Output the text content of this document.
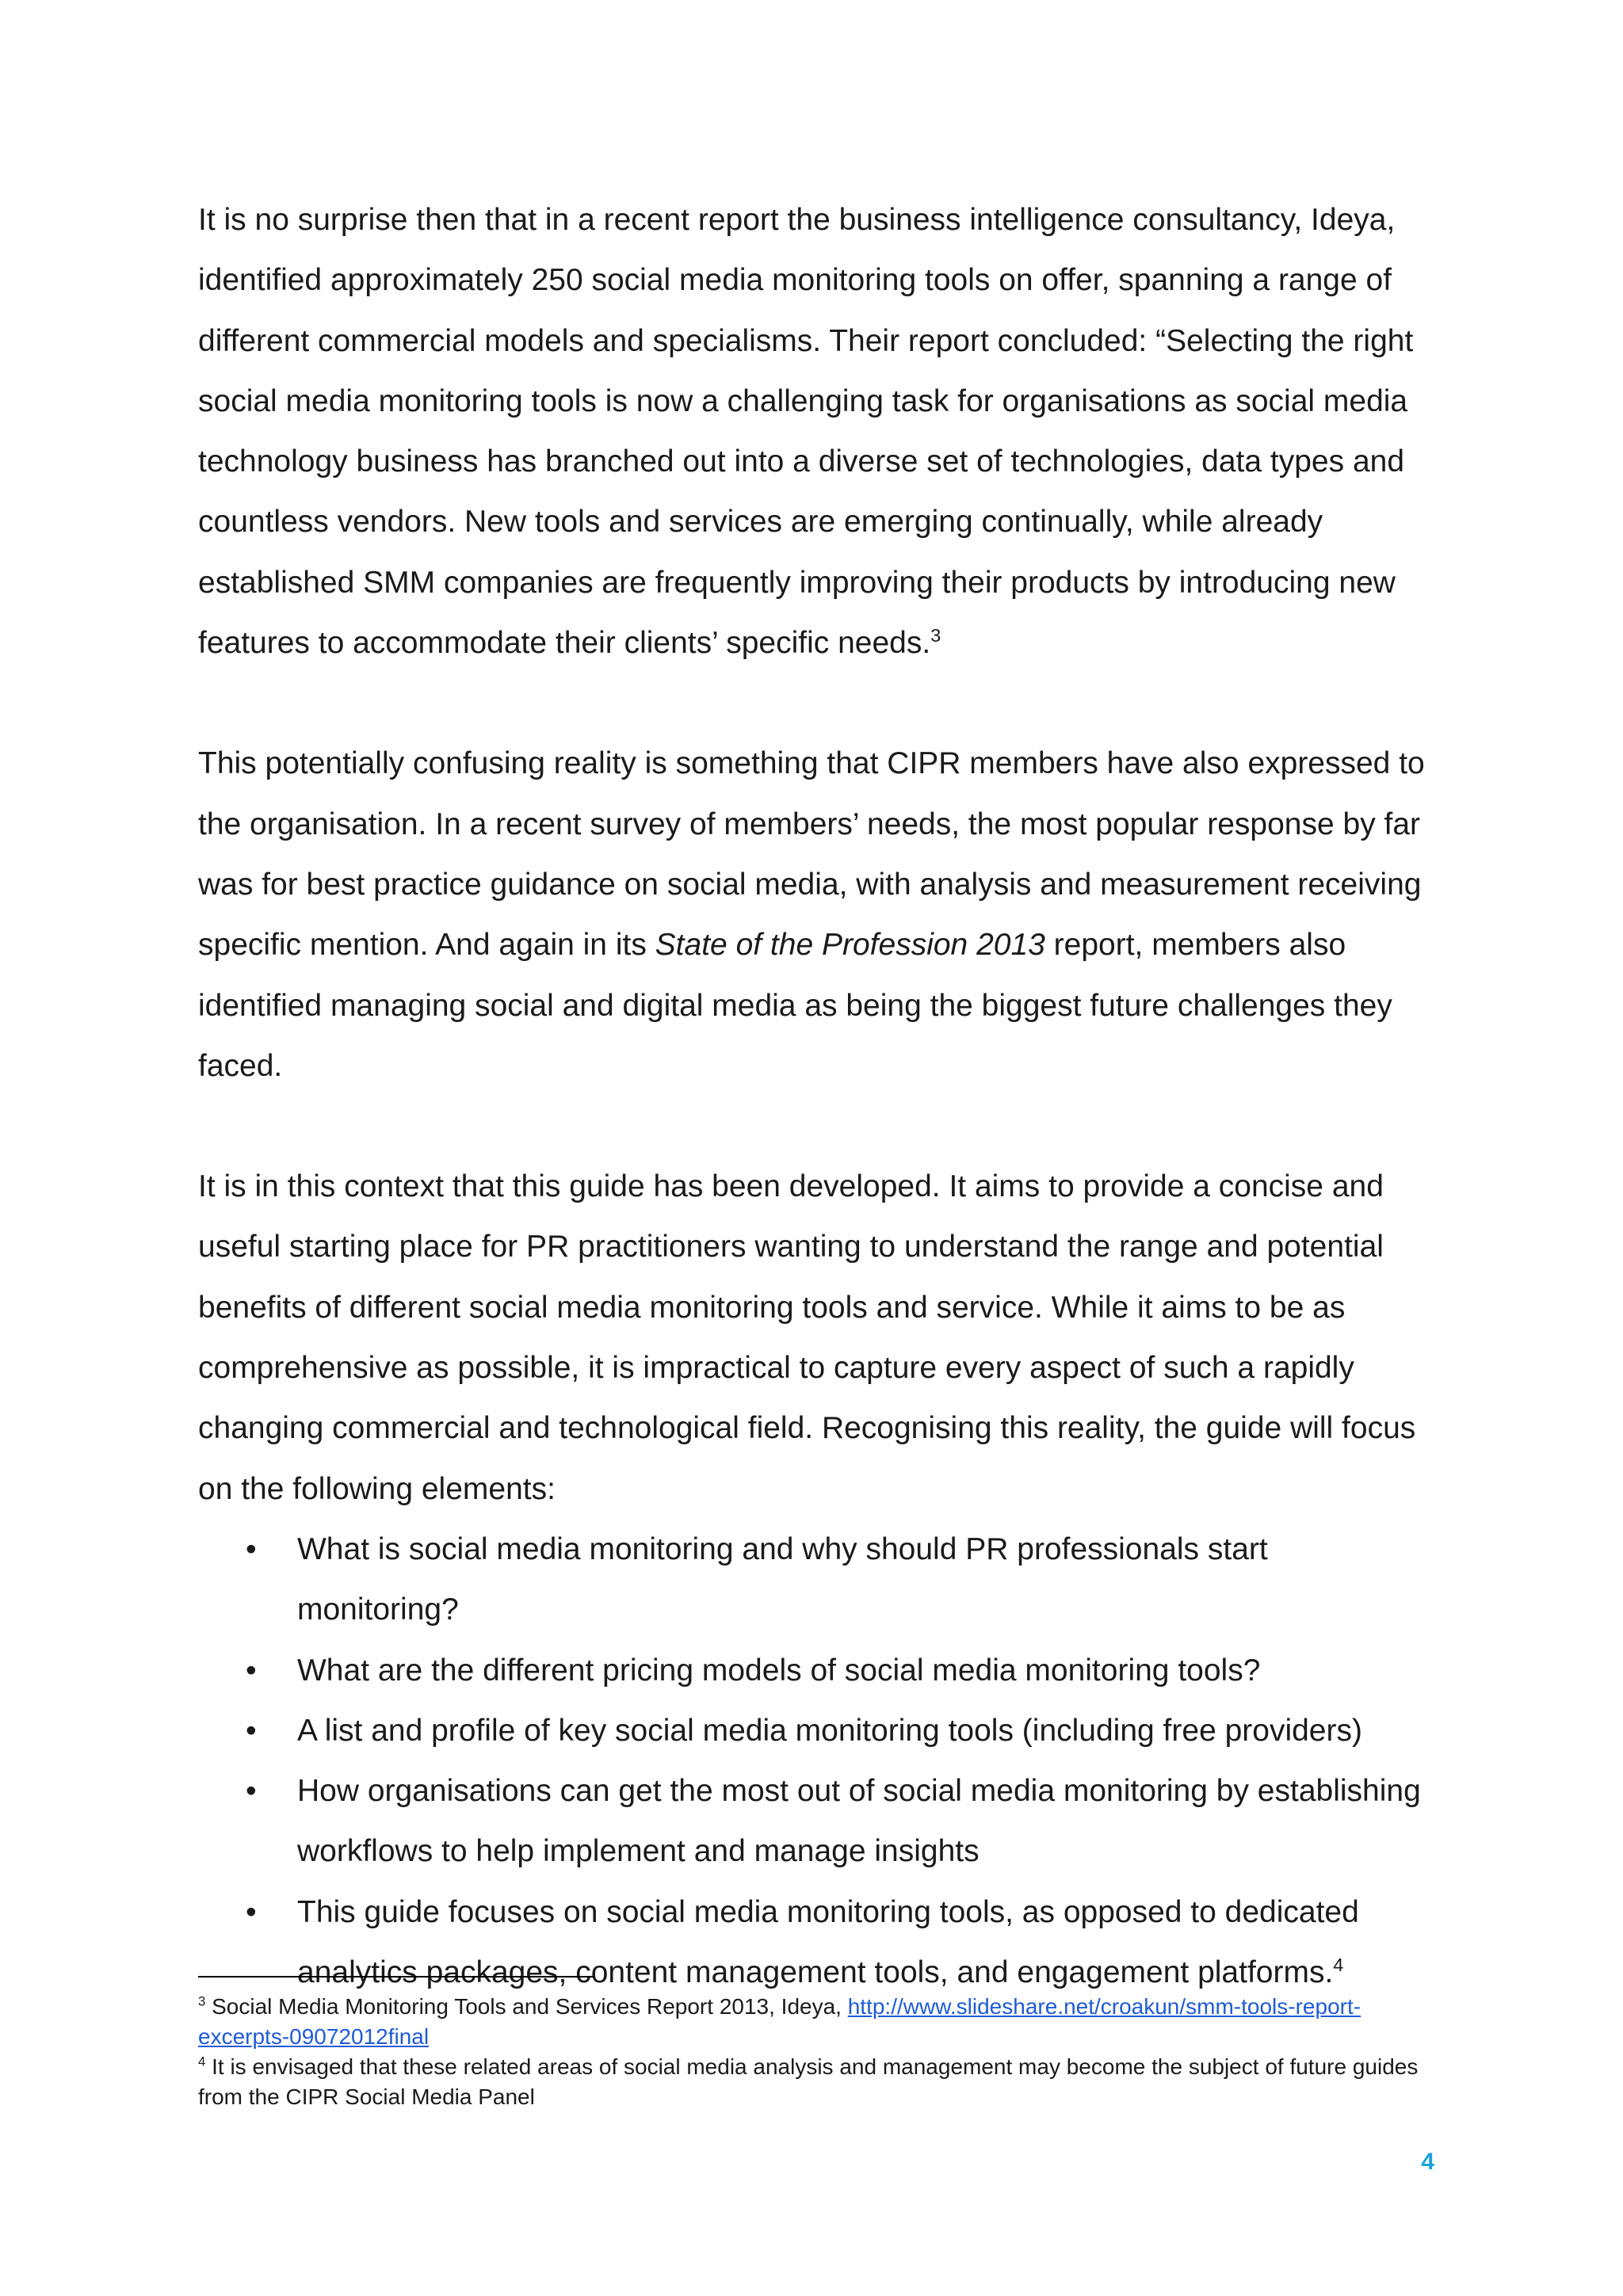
It is no surprise then that in a recent report the business intelligence consultancy, Ideya, identified approximately 250 social media monitoring tools on offer, spanning a range of different commercial models and specialisms. Their report concluded: “Selecting the right social media monitoring tools is now a challenging task for organisations as social media technology business has branched out into a diverse set of technologies, data types and countless vendors. New tools and services are emerging continually, while already established SMM companies are frequently improving their products by introducing new features to accommodate their clients’ specific needs.$^3$

This potentially confusing reality is something that CIPR members have also expressed to the organisation. In a recent survey of members’ needs, the most popular response by far was for best practice guidance on social media, with analysis and measurement receiving specific mention. And again in its State of the Profession 2013 report, members also identified managing social and digital media as being the biggest future challenges they faced.

It is in this context that this guide has been developed. It aims to provide a concise and useful starting place for PR practitioners wanting to understand the range and potential benefits of different social media monitoring tools and service. While it aims to be as comprehensive as possible, it is impractical to capture every aspect of such a rapidly changing commercial and technological field. Recognising this reality, the guide will focus on the following elements:

• What is social media monitoring and why should PR professionals start monitoring?
• What are the different pricing models of social media monitoring tools?
• A list and profile of key social media monitoring tools (including free providers)
• How organisations can get the most out of social media monitoring by establishing workflows to help implement and manage insights
• This guide focuses on social media monitoring tools, as opposed to dedicated analytics packages, content management tools, and engagement platforms.$^4$

$^3$ Social Media Monitoring Tools and Services Report 2013, Ideya, http://www.slideshare.net/croakun/smm-tools-report-excerpts-09072012final

$^4$ It is envisaged that these related areas of social media analysis and management may become the subject of future guides from the CIPR Social Media Panel

4
